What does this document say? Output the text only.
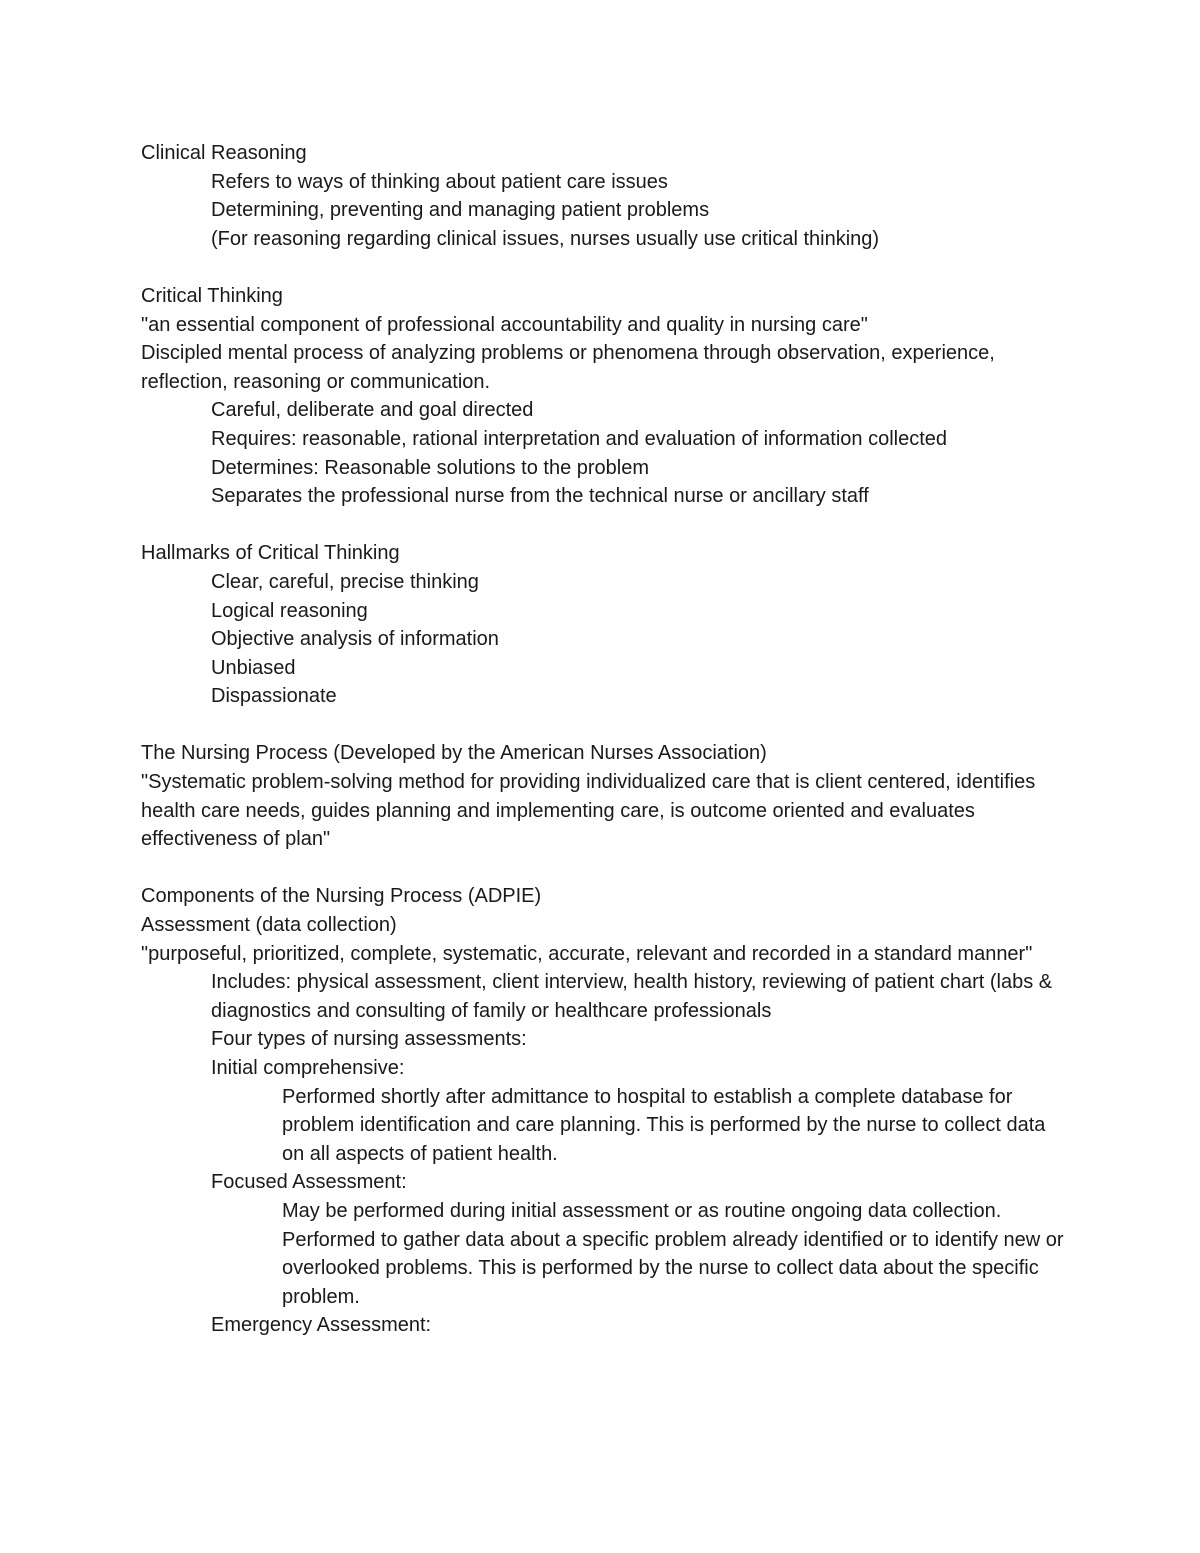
Clinical Reasoning
Refers to ways of thinking about patient care issues
Determining, preventing and managing patient problems
(For reasoning regarding clinical issues, nurses usually use critical thinking)
Critical Thinking
"an essential component of professional accountability and quality in nursing care"
Discipled mental process of analyzing problems or phenomena through observation, experience, reflection, reasoning or communication.
Careful, deliberate and goal directed
Requires: reasonable, rational interpretation and evaluation of information collected
Determines: Reasonable solutions to the problem
Separates the professional nurse from the technical nurse or ancillary staff
Hallmarks of Critical Thinking
Clear, careful, precise thinking
Logical reasoning
Objective analysis of information
Unbiased
Dispassionate
The Nursing Process (Developed by the American Nurses Association)
"Systematic problem-solving method for providing individualized care that is client centered, identifies health care needs, guides planning and implementing care, is outcome oriented and evaluates effectiveness of plan"
Components of the Nursing Process (ADPIE)
Assessment (data collection)
"purposeful, prioritized, complete, systematic, accurate, relevant and recorded in a standard manner"
Includes: physical assessment, client interview, health history, reviewing of patient chart (labs & diagnostics and consulting of family or healthcare professionals
Four types of nursing assessments:
Initial comprehensive:
Performed shortly after admittance to hospital to establish a complete database for problem identification and care planning. This is performed by the nurse to collect data on all aspects of patient health.
Focused Assessment:
May be performed during initial assessment or as routine ongoing data collection. Performed to gather data about a specific problem already identified or to identify new or overlooked problems. This is performed by the nurse to collect data about the specific problem.
Emergency Assessment:
